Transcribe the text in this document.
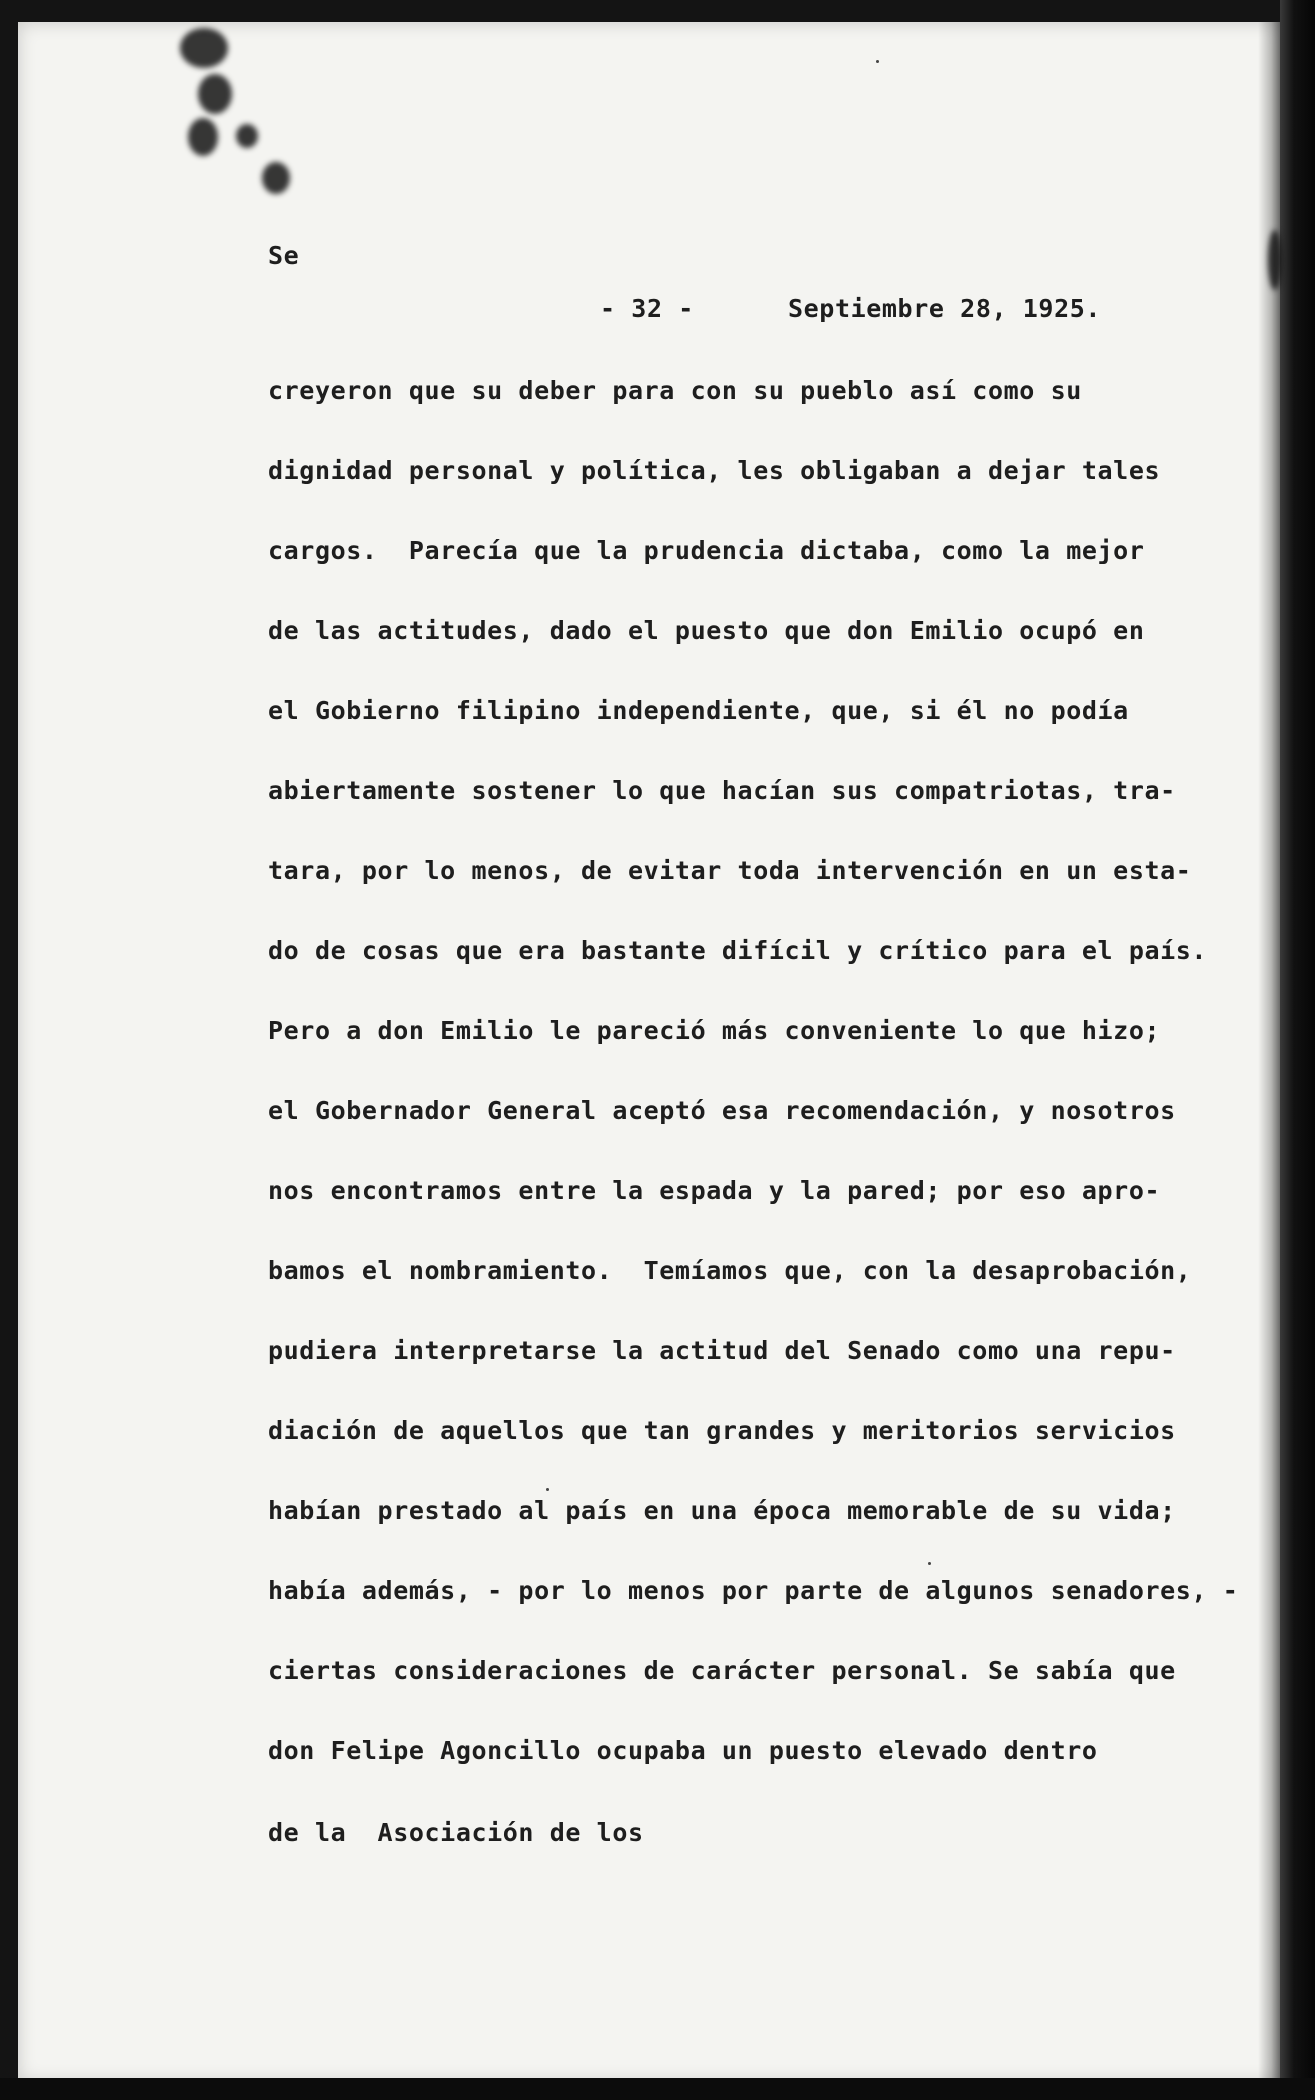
Se
- 32 -	Septiembre 28, 1925.
creyeron que su deber para con su pueblo así como su
dignidad personal y política, les obligaban a dejar tales
cargos.  Parecía que la prudencia dictaba, como la mejor
de las actitudes, dado el puesto que don Emilio ocupó en
el Gobierno filipino independiente, que, si él no podía
abiertamente sostener lo que hacían sus compatriotas, tra-
tara, por lo menos, de evitar toda intervención en un esta-
do de cosas que era bastante difícil y crítico para el país.
Pero a don Emilio le pareció más conveniente lo que hizo;
el Gobernador General aceptó esa recomendación, y nosotros
nos encontramos entre la espada y la pared; por eso apro-
bamos el nombramiento.  Temíamos que, con la desaprobación,
pudiera interpretarse la actitud del Senado como una repu-
diación de aquellos que tan grandes y meritorios servicios
habían prestado al país en una época memorable de su vida;
había además, - por lo menos por parte de algunos senadores, -
ciertas consideraciones de carácter personal. Se sabía que
don Felipe Agoncillo ocupaba un puesto elevado dentro
de la  Asociación de los
